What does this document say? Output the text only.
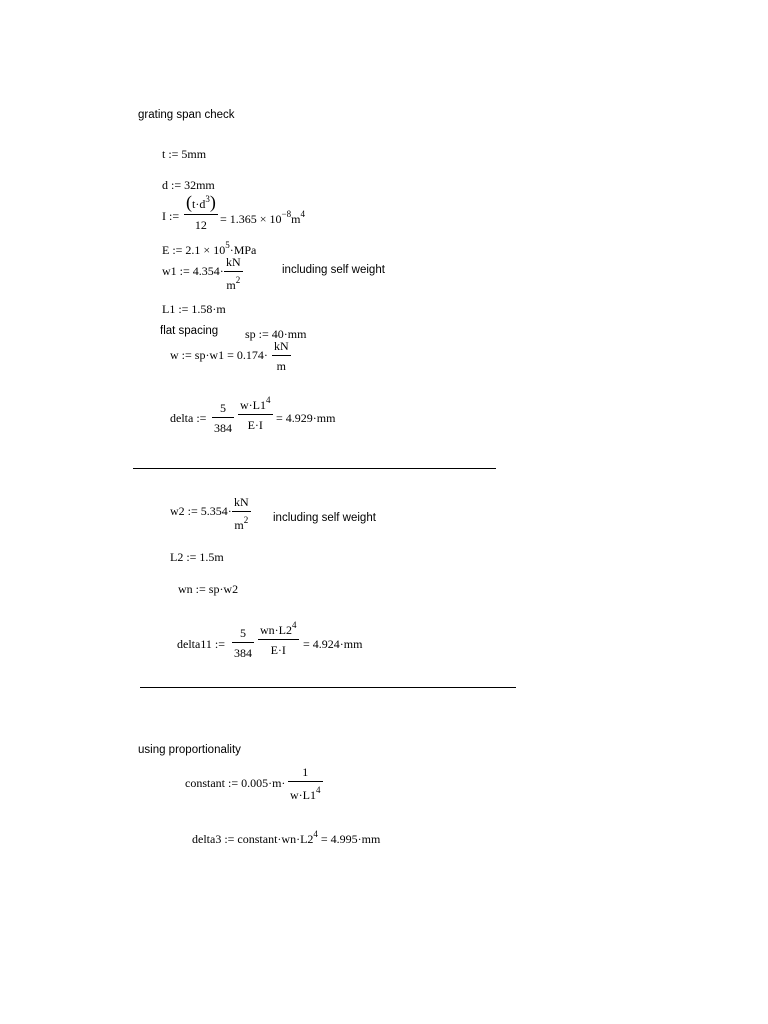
grating span check
t := 5mm
d := 32mm
I :=
$(t\cdot d^3)$
12	= $1.365 \times 10^{-8}m^4$
E := $2.1 \times 10^5\cdot MPa$
w1 := 4.354·
kN
$m^2$
including self weight
L1 := 1.58·m
flat spacing sp := 40·mm
w := sp·w1 = 0.174·
kN
m
delta :=
5
384
$w\cdot L1^4$
E·I	= 4.929·mm
w2 := 5.354·
kN
$m^2$ including self weight
L2 := 1.5m
wn := sp·w2
delta11 :=
5
384
$wn\cdot L2^4$
E·I	= 4.924·mm
using proportionality
constant := 0.005·m·
1
$w\cdot L1^4$
delta3 := $constant\cdot wn\cdot L2^4 = 4.995\cdot mm$
